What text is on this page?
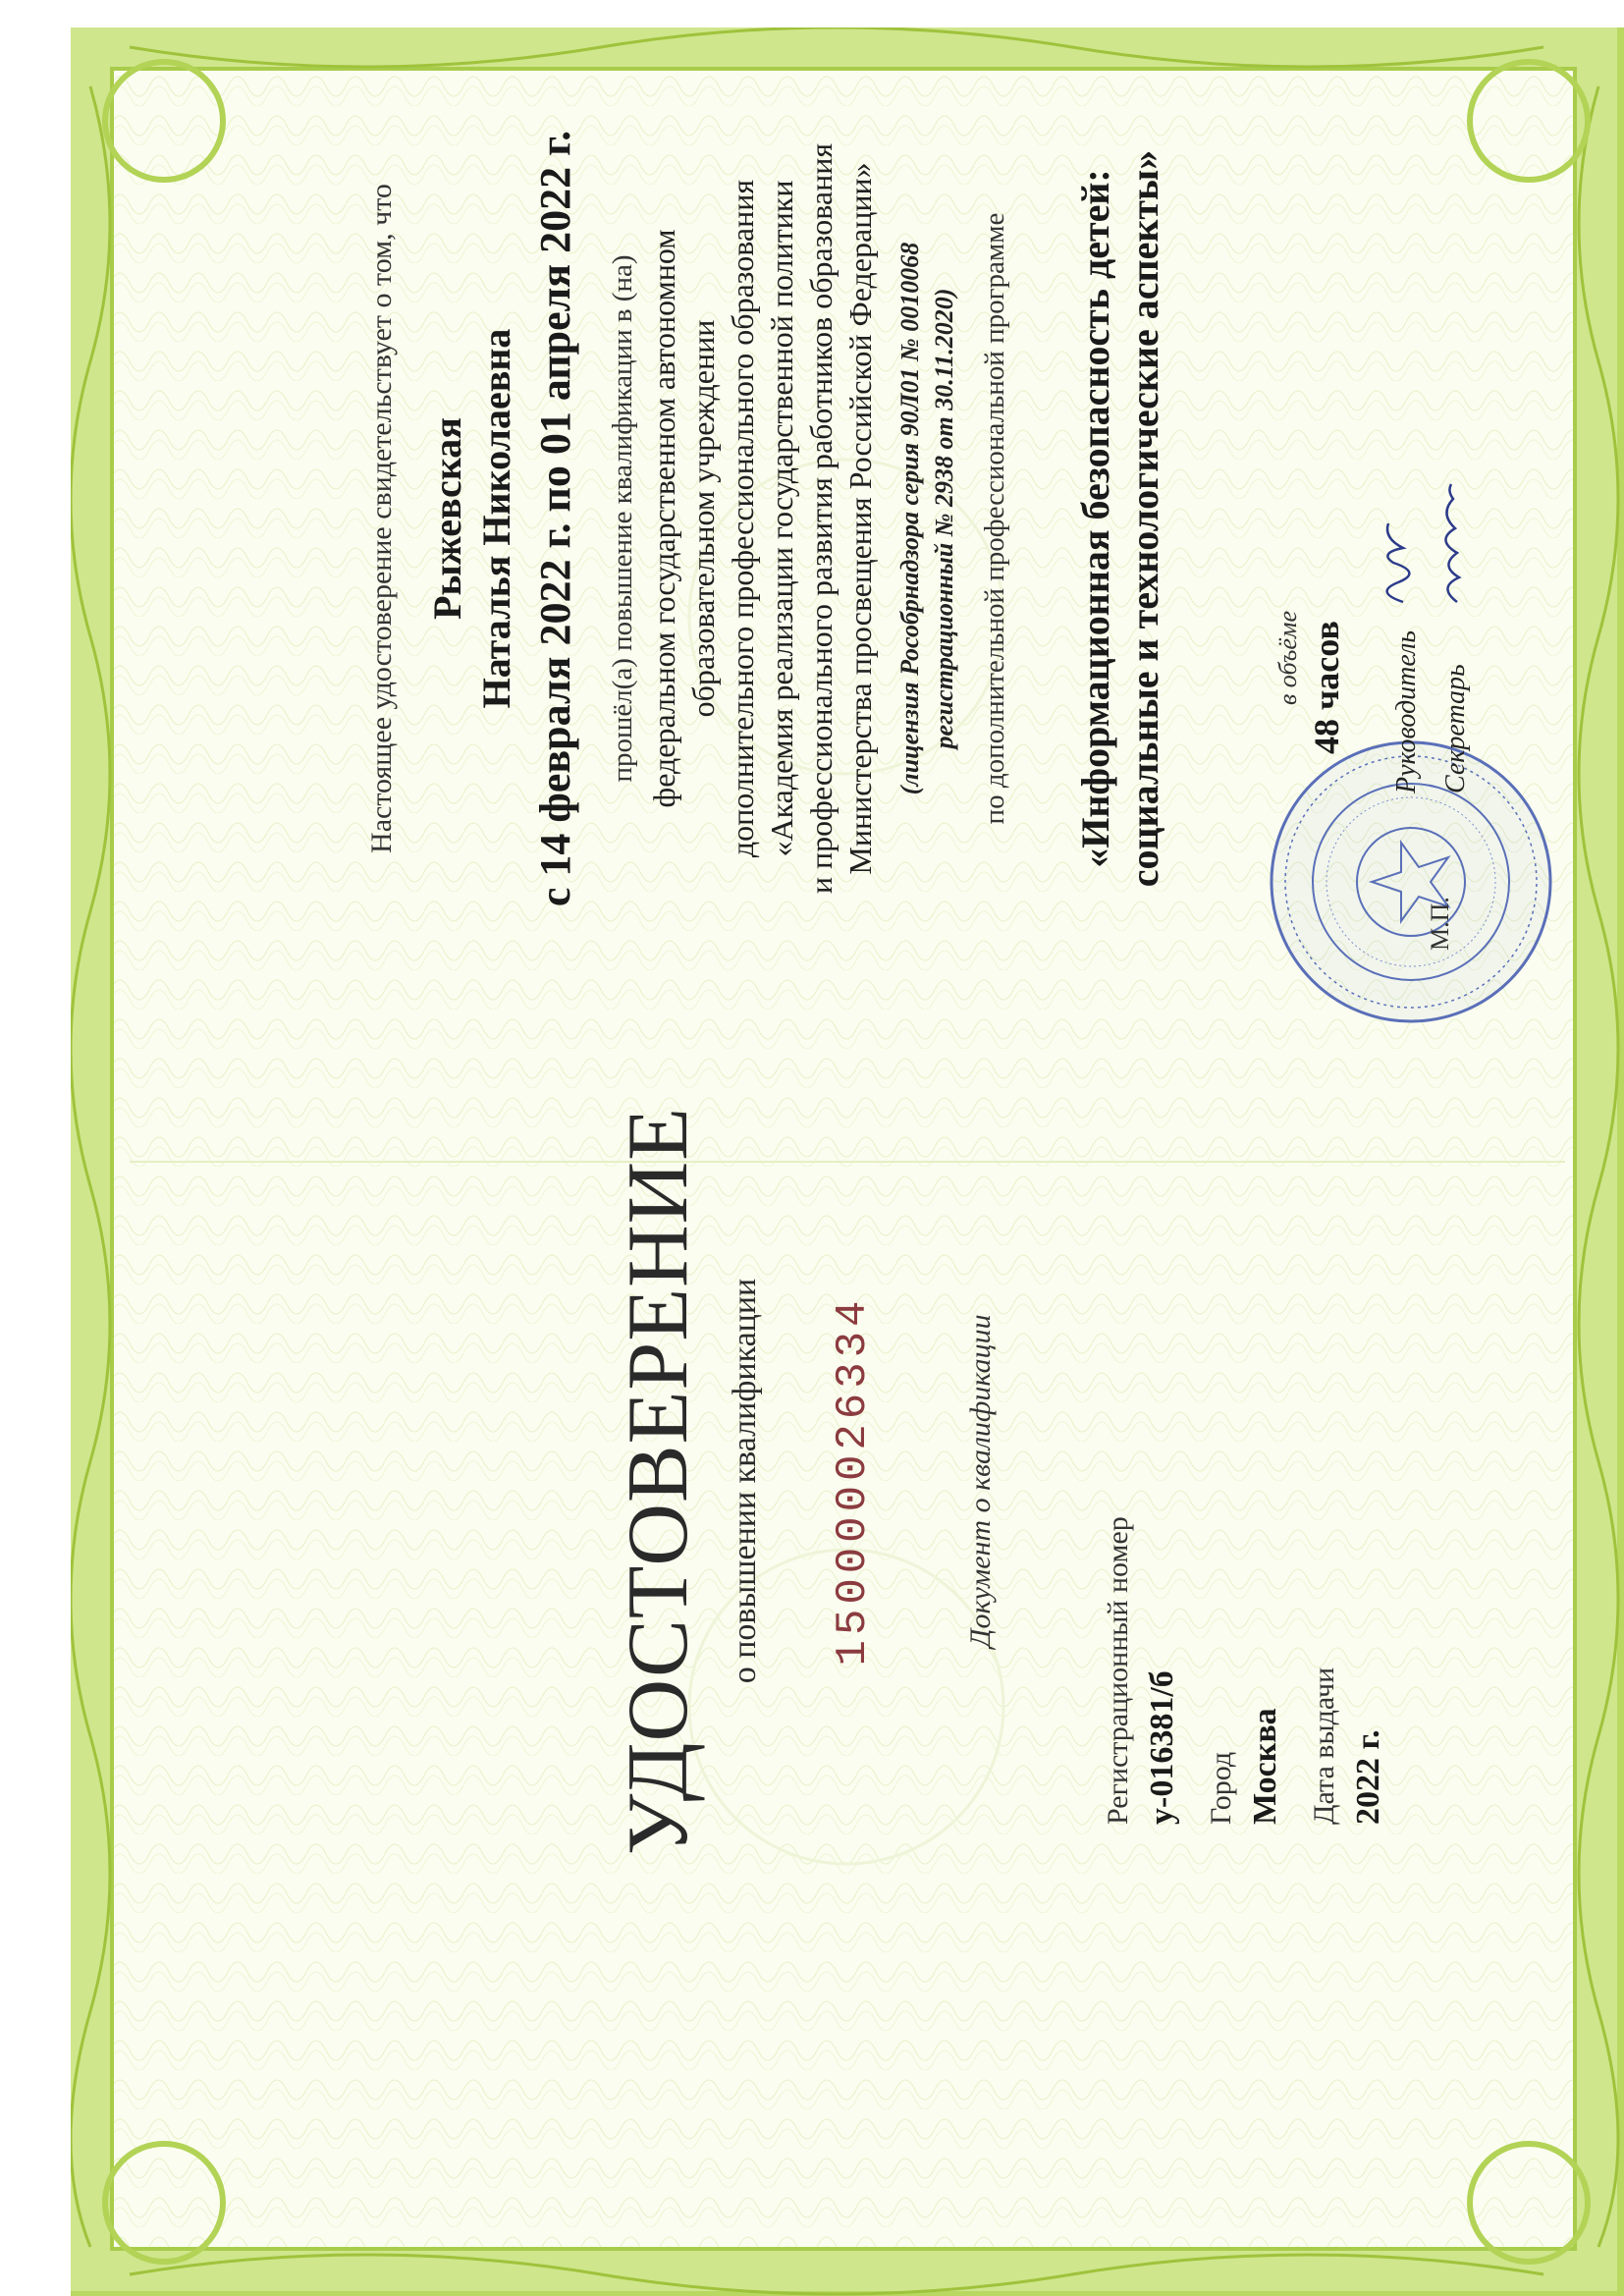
УДОСТОВЕРЕНИЕ о повышении квалификации 150000026334	Документ о квалификации
Регистрационный номер у-016381/б Город Москва Дата выдачи 2022 г.
Настоящее удостоверение свидетельствует о том, что Рыжевская Наталья Николаевна с 14 февраля 2022 г. по 01 апреля 2022 г. прошёл(а) повышение квалификации в (на) федеральном государственном автономном образовательном учреждении дополнительного профессионального образования «Академия реализации государственной политики и профессионального развития работников образования Министерства просвещения Российской Федерации» (лицензия Рособрнадзора серия 90Л01 № 0010068 регистрационный № 2938 от 30.11.2020) по дополнительной профессиональной программе «Информационная безопасность детей: социальные и технологические аспекты»	в объёме 48 часов
М.П.
Руководитель Секретарь
